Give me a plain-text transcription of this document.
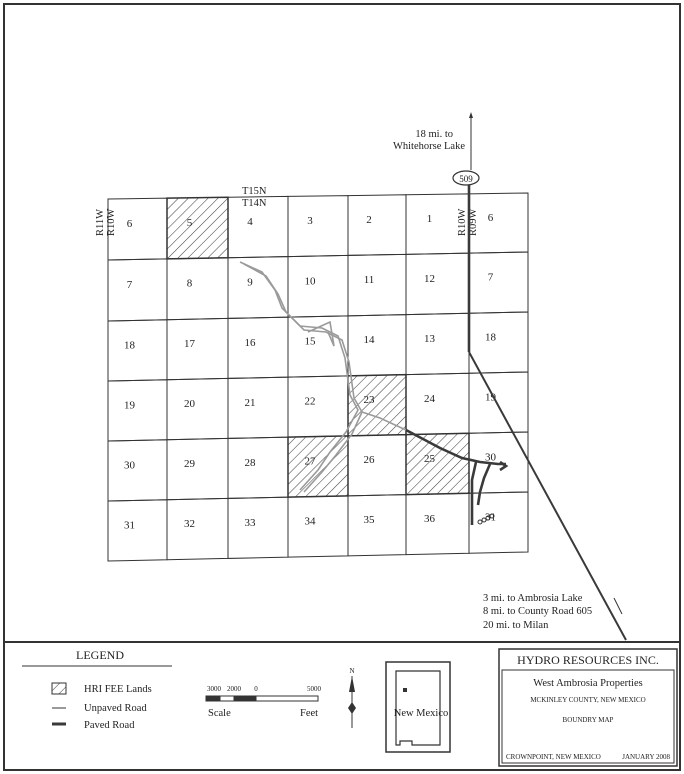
6	5	4	3	2	1	6
7	8	9	10	11	12	7
18	17	16	15	14	13	18
19	20	21	22	23	24	19
30	29	28	27	26	25	30
31	32	33	34	35	36	31
T15N
T14N
R11W R10W	R10W R09W
18 mi. to
Whitehorse Lake
509
3 mi. to Ambrosia Lake
8 mi. to County Road 605
20 mi. to Milan
LEGEND
HRI FEE Lands
Unpaved Road
Paved Road
3000 2000 0	5000
Scale	Feet
N
New Mexico
HYDRO RESOURCES INC.
West Ambrosia Properties
MCKINLEY COUNTY, NEW MEXICO
BOUNDRY MAP
CROWNPOINT, NEW MEXICO	JANUARY 2008
